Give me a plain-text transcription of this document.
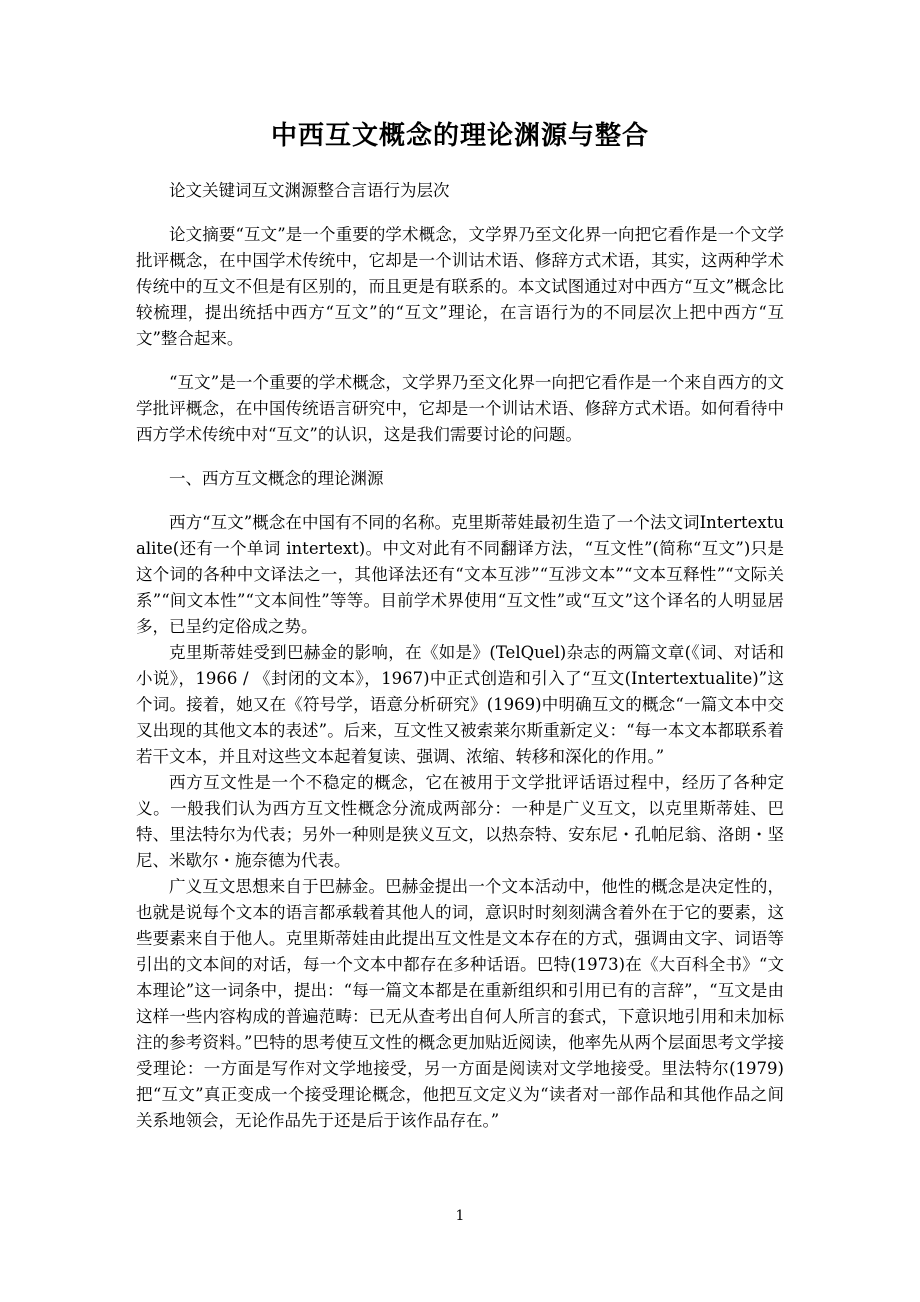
中西互文概念的理论渊源与整合

论文关键词互文渊源整合言语行为层次

论文摘要“互文”是一个重要的学术概念，文学界乃至文化界一向把它看作是一个文学批评概念，在中国学术传统中，它却是一个训诂术语、修辞方式术语，其实，这两种学术传统中的互文不但是有区别的，而且更是有联系的。本文试图通过对中西方“互文”概念比较梳理，提出统括中西方“互文”的“互文”理论，在言语行为的不同层次上把中西方“互文”整合起来。

“互文”是一个重要的学术概念，文学界乃至文化界一向把它看作是一个来自西方的文学批评概念，在中国传统语言研究中，它却是一个训诂术语、修辞方式术语。如何看待中西方学术传统中对“互文”的认识，这是我们需要讨论的问题。

一、西方互文概念的理论渊源

西方“互文”概念在中国有不同的名称。克里斯蒂娃最初生造了一个法文词Intertextualite(还有一个单词 intertext)。中文对此有不同翻译方法，“互文性”(简称“互文”)只是这个词的各种中文译法之一，其他译法还有“文本互涉”“互涉文本”“文本互释性”“文际关系”“间文本性”“文本间性”等等。目前学术界使用“互文性”或“互文”这个译名的人明显居多，已呈约定俗成之势。

克里斯蒂娃受到巴赫金的影响，在《如是》(TelQuel)杂志的两篇文章(《词、对话和小说》，1966 / 《封闭的文本》，1967)中正式创造和引入了“互文(Intertextualite)”这个词。接着，她又在《符号学，语意分析研究》(1969)中明确互文的概念“一篇文本中交叉出现的其他文本的表述”。后来，互文性又被索莱尔斯重新定义：“每一本文本都联系着若干文本，并且对这些文本起着复读、强调、浓缩、转移和深化的作用。”

西方互文性是一个不稳定的概念，它在被用于文学批评话语过程中，经历了各种定义。一般我们认为西方互文性概念分流成两部分：一种是广义互文，以克里斯蒂娃、巴特、里法特尔为代表；另外一种则是狭义互文，以热奈特、安东尼・孔帕尼翁、洛朗・坚尼、米歇尔・施奈德为代表。

广义互文思想来自于巴赫金。巴赫金提出一个文本活动中，他性的概念是决定性的，也就是说每个文本的语言都承载着其他人的词，意识时时刻刻满含着外在于它的要素，这些要素来自于他人。克里斯蒂娃由此提出互文性是文本存在的方式，强调由文字、词语等引出的文本间的对话，每一个文本中都存在多种话语。巴特(1973)在《大百科全书》“文本理论”这一词条中，提出：“每一篇文本都是在重新组织和引用已有的言辞”，“互文是由这样一些内容构成的普遍范畴：已无从查考出自何人所言的套式，下意识地引用和未加标注的参考资料。”巴特的思考使互文性的概念更加贴近阅读，他率先从两个层面思考文学接受理论：一方面是写作对文学地接受，另一方面是阅读对文学地接受。里法特尔(1979)把“互文”真正变成一个接受理论概念，他把互文定义为“读者对一部作品和其他作品之间关系地领会，无论作品先于还是后于该作品存在。”

1
